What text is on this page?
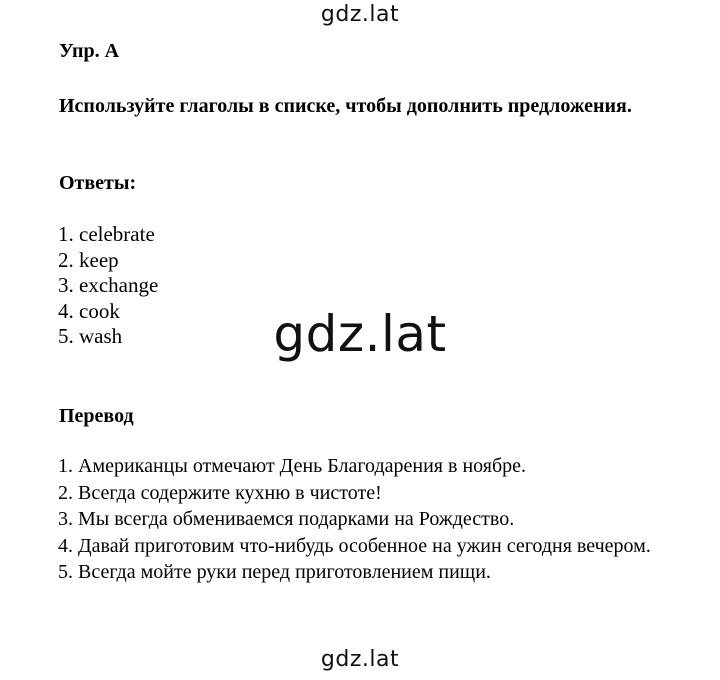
gdz.lat
Упр. A

Используйте глаголы в списке, чтобы дополнить предложения.

Ответы:
1. celebrate
2. keep
3. exchange
4. cook
5. wash	gdz.lat
Перевод

1. Американцы отмечают День Благодарения в ноябре.

2. Всегда содержите кухню в чистоте!

3. Мы всегда обмениваемся подарками на Рождество.

4. Давай приготовим что-нибудь особенное на ужин сегодня вечером.

5. Всегда мойте руки перед приготовлением пищи.

gdz.lat
